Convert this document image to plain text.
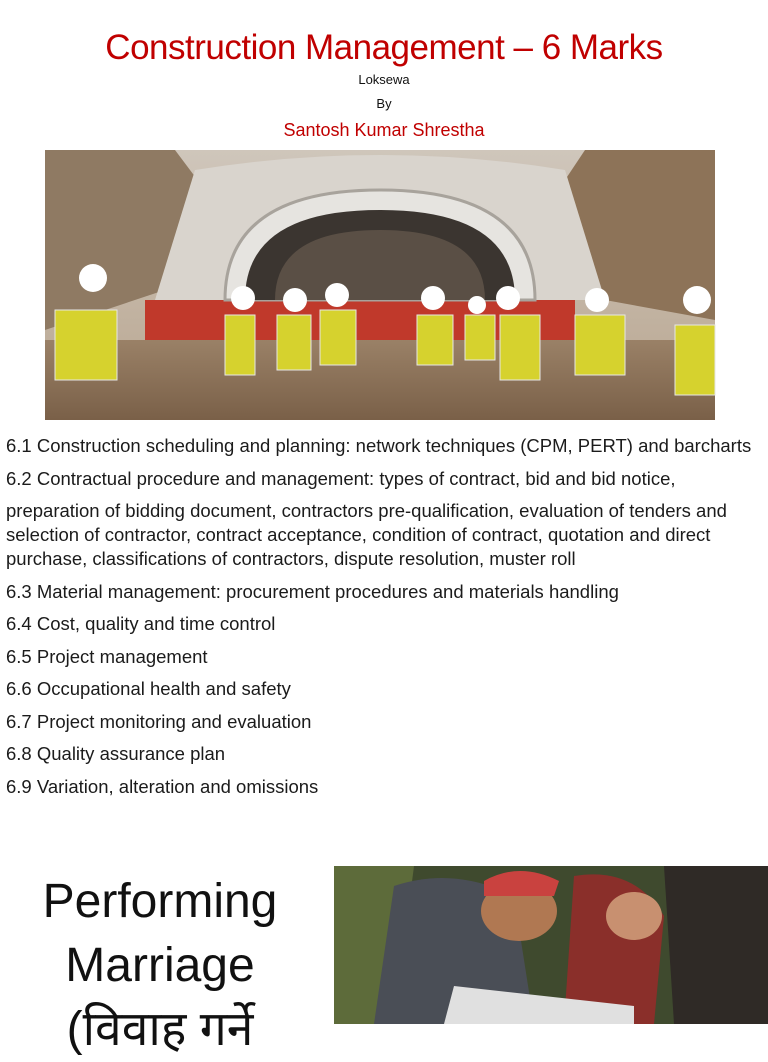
Construction Management – 6 Marks
Loksewa
By
Santosh Kumar Shrestha

6.1 Construction scheduling and planning: network techniques (CPM, PERT) and barcharts

6.2 Contractual procedure and management: types of contract, bid and bid notice,

preparation of bidding document, contractors pre-qualification, evaluation of tenders and selection of contractor, contract acceptance, condition of contract, quotation and direct purchase, classifications of contractors, dispute resolution, muster roll

6.3 Material management: procurement procedures and materials handling

6.4 Cost, quality and time control

6.5 Project management

6.6 Occupational health and safety

6.7 Project monitoring and evaluation

6.8 Quality assurance plan

6.9 Variation, alteration and omissions

Performing
Marriage
(विवाह गर्ने
